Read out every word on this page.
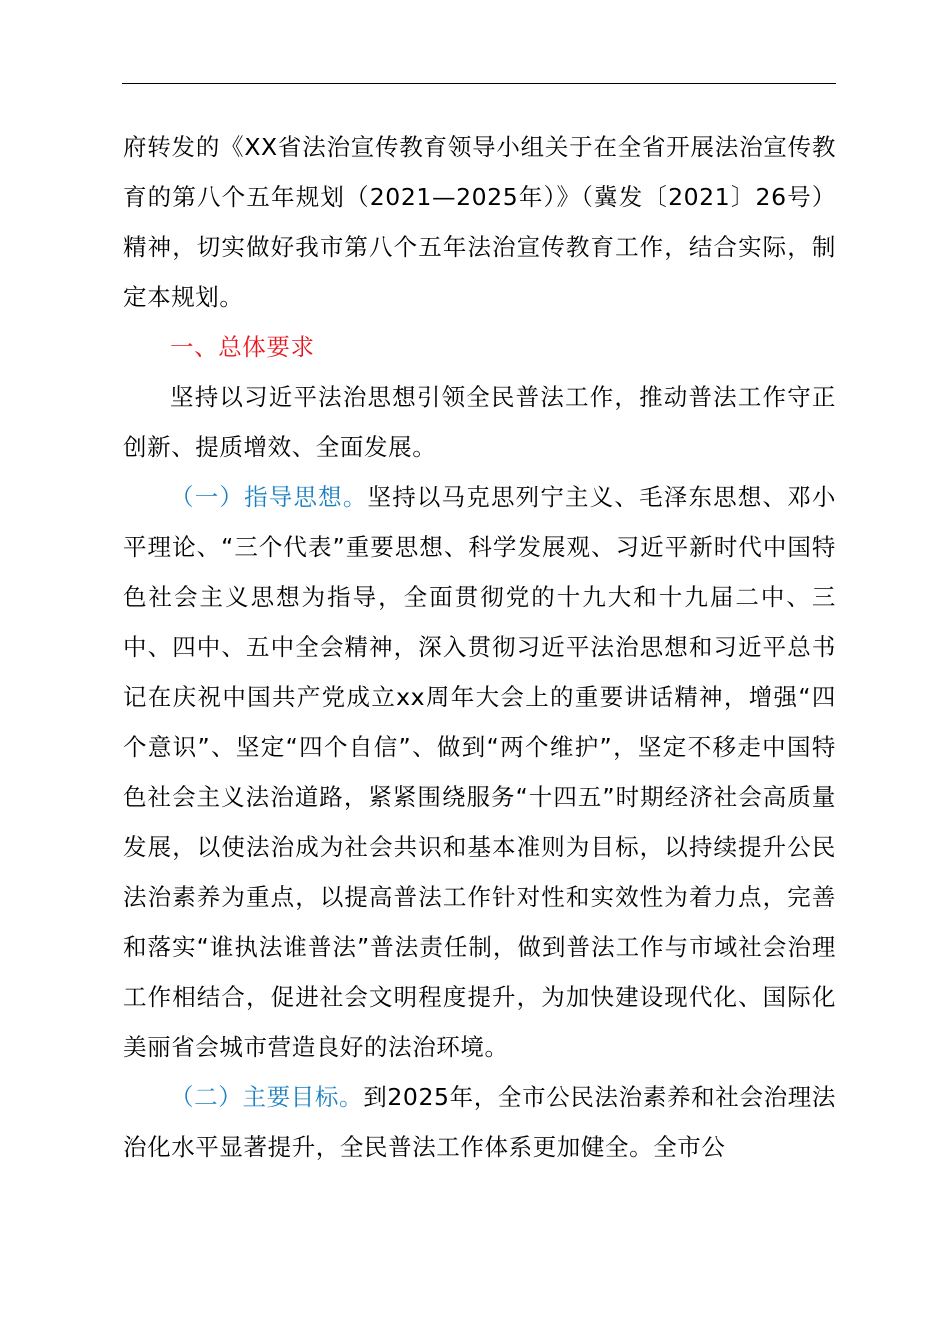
府转发的《XX省法治宣传教育领导小组关于在全省开展法治宣传教育的第八个五年规划（2021—2025年）》（冀发〔2021〕26号）精神，切实做好我市第八个五年法治宣传教育工作，结合实际，制定本规划。

一、总体要求

坚持以习近平法治思想引领全民普法工作，推动普法工作守正创新、提质增效、全面发展。

（一）指导思想。坚持以马克思列宁主义、毛泽东思想、邓小平理论、“三个代表”重要思想、科学发展观、习近平新时代中国特色社会主义思想为指导，全面贯彻党的十九大和十九届二中、三中、四中、五中全会精神，深入贯彻习近平法治思想和习近平总书记在庆祝中国共产党成立xx周年大会上的重要讲话精神，增强“四个意识”、坚定“四个自信”、做到“两个维护”，坚定不移走中国特色社会主义法治道路，紧紧围绕服务“十四五”时期经济社会高质量发展，以使法治成为社会共识和基本准则为目标，以持续提升公民法治素养为重点，以提高普法工作针对性和实效性为着力点，完善和落实“谁执法谁普法”普法责任制，做到普法工作与市域社会治理工作相结合，促进社会文明程度提升，为加快建设现代化、国际化美丽省会城市营造良好的法治环境。

（二）主要目标。到2025年，全市公民法治素养和社会治理法治化水平显著提升，全民普法工作体系更加健全。全市公
